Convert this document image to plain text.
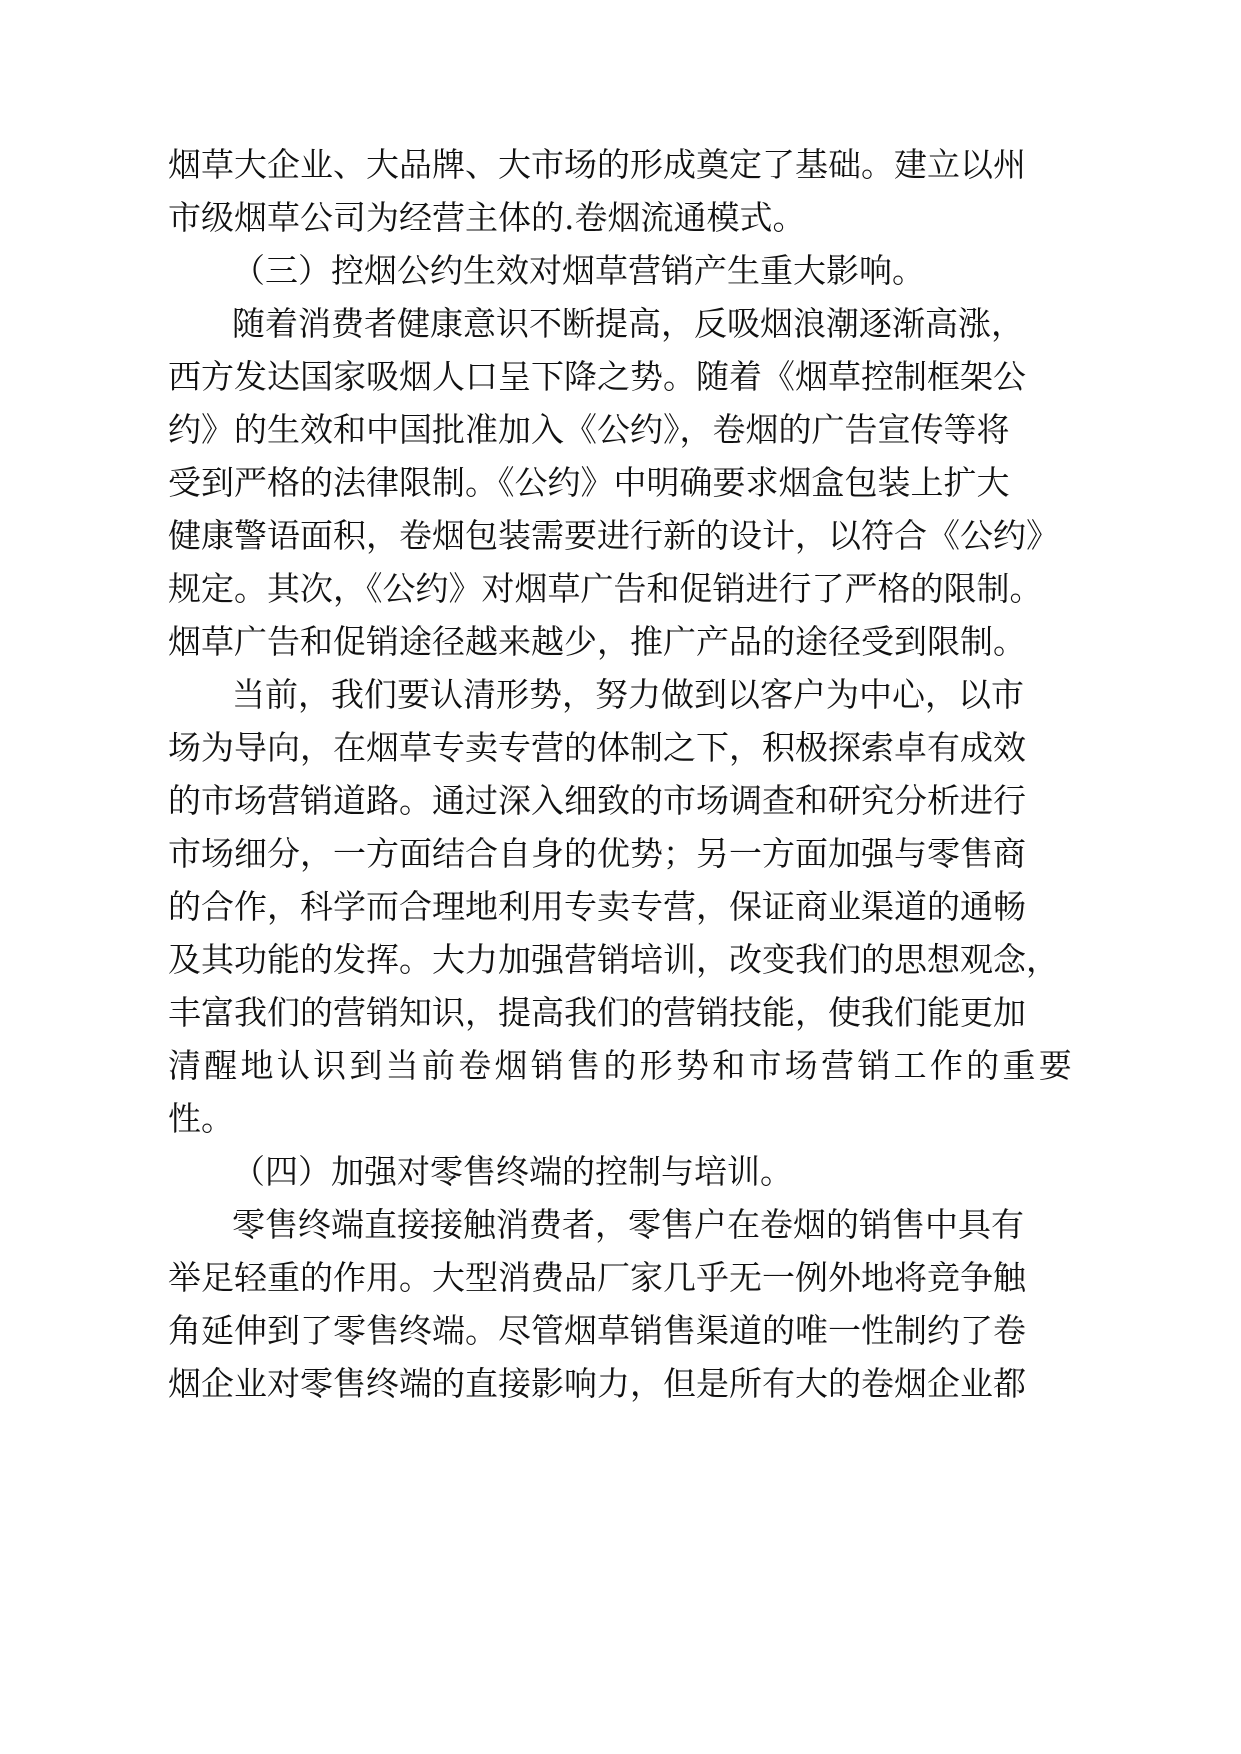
烟草大企业、大品牌、大市场的形成奠定了基础。建立以州
市级烟草公司为经营主体的.卷烟流通模式。
（三）控烟公约生效对烟草营销产生重大影响。
随着消费者健康意识不断提高，反吸烟浪潮逐渐高涨，
西方发达国家吸烟人口呈下降之势。随着《烟草控制框架公
约》的生效和中国批准加入《公约》，卷烟的广告宣传等将
受到严格的法律限制。《公约》中明确要求烟盒包装上扩大
健康警语面积，卷烟包装需要进行新的设计，以符合《公约》
规定。其次，《公约》对烟草广告和促销进行了严格的限制。
烟草广告和促销途径越来越少，推广产品的途径受到限制。
当前，我们要认清形势，努力做到以客户为中心，以市
场为导向，在烟草专卖专营的体制之下，积极探索卓有成效
的市场营销道路。通过深入细致的市场调查和研究分析进行
市场细分，一方面结合自身的优势；另一方面加强与零售商
的合作，科学而合理地利用专卖专营，保证商业渠道的通畅
及其功能的发挥。大力加强营销培训，改变我们的思想观念，
丰富我们的营销知识，提高我们的营销技能，使我们能更加
清醒地认识到当前卷烟销售的形势和市场营销工作的重要
性。
（四）加强对零售终端的控制与培训。
零售终端直接接触消费者，零售户在卷烟的销售中具有
举足轻重的作用。大型消费品厂家几乎无一例外地将竞争触
角延伸到了零售终端。尽管烟草销售渠道的唯一性制约了卷
烟企业对零售终端的直接影响力，但是所有大的卷烟企业都
